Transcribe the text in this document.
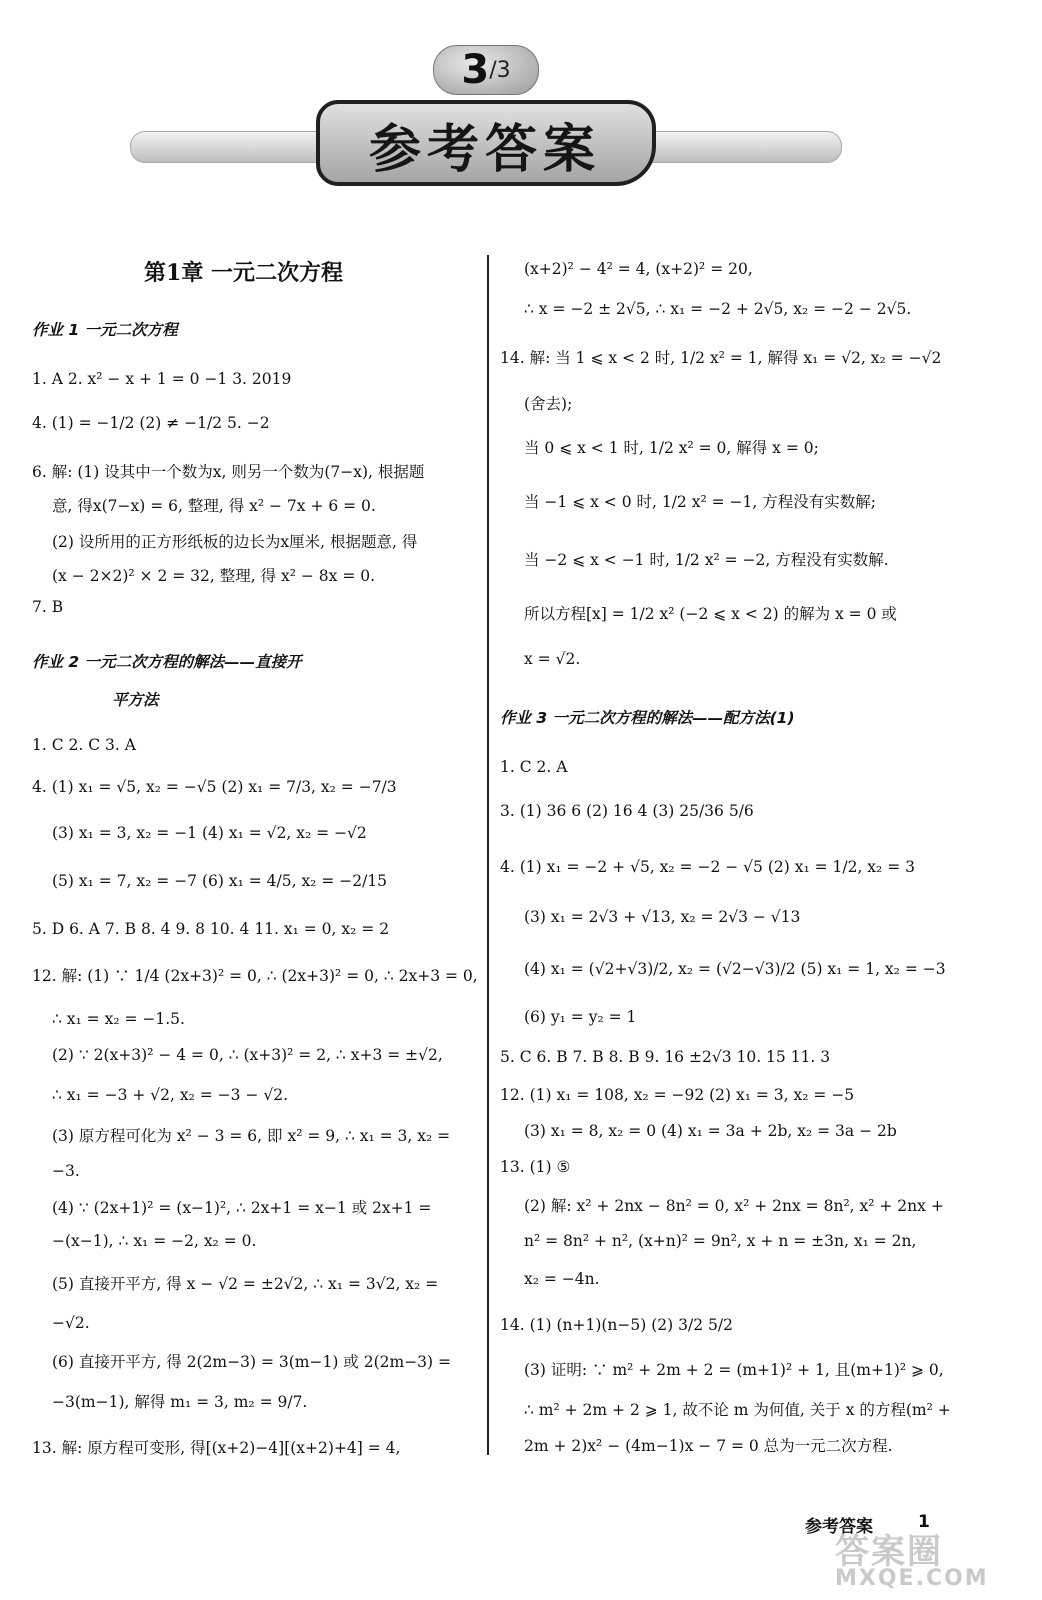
参考答案
3 /3
第1章 一元二次方程
作业 1 一元二次方程
1. A 2. x² − x + 1 = 0 −1 3. 2019
4. (1) = −1/2 (2) ≠ −1/2 5. −2
6. 解: (1) 设其中一个数为x, 则另一个数为(7−x), 根据题
意, 得x(7−x) = 6, 整理, 得 x² − 7x + 6 = 0.
(2) 设所用的正方形纸板的边长为x厘米, 根据题意, 得
(x − 2×2)² × 2 = 32, 整理, 得 x² − 8x = 0.
7. B
作业 2 一元二次方程的解法——直接开
平方法
1. C 2. C 3. A
4. (1) x₁ = √5, x₂ = −√5 (2) x₁ = 7/3, x₂ = −7/3
(3) x₁ = 3, x₂ = −1 (4) x₁ = √2, x₂ = −√2
(5) x₁ = 7, x₂ = −7 (6) x₁ = 4/5, x₂ = −2/15
5. D 6. A 7. B 8. 4 9. 8 10. 4 11. x₁ = 0, x₂ = 2
12. 解: (1) ∵ 1/4 (2x+3)² = 0, ∴ (2x+3)² = 0, ∴ 2x+3 = 0,
∴ x₁ = x₂ = −1.5.
(2) ∵ 2(x+3)² − 4 = 0, ∴ (x+3)² = 2, ∴ x+3 = ±√2,
∴ x₁ = −3 + √2, x₂ = −3 − √2.
(3) 原方程可化为 x² − 3 = 6, 即 x² = 9, ∴ x₁ = 3, x₂ =
−3.
(4) ∵ (2x+1)² = (x−1)², ∴ 2x+1 = x−1 或 2x+1 =
−(x−1), ∴ x₁ = −2, x₂ = 0.
(5) 直接开平方, 得 x − √2 = ±2√2, ∴ x₁ = 3√2, x₂ =
−√2.
(6) 直接开平方, 得 2(2m−3) = 3(m−1) 或 2(2m−3) =
−3(m−1), 解得 m₁ = 3, m₂ = 9/7.
13. 解: 原方程可变形, 得[(x+2)−4][(x+2)+4] = 4,
(x+2)² − 4² = 4, (x+2)² = 20,
∴ x = −2 ± 2√5, ∴ x₁ = −2 + 2√5, x₂ = −2 − 2√5.
14. 解: 当 1 ⩽ x < 2 时, 1/2 x² = 1, 解得 x₁ = √2, x₂ = −√2
(舍去);
当 0 ⩽ x < 1 时, 1/2 x² = 0, 解得 x = 0;
当 −1 ⩽ x < 0 时, 1/2 x² = −1, 方程没有实数解;
当 −2 ⩽ x < −1 时, 1/2 x² = −2, 方程没有实数解.
所以方程[x] = 1/2 x² (−2 ⩽ x < 2) 的解为 x = 0 或
x = √2.
作业 3 一元二次方程的解法——配方法(1)
1. C 2. A
3. (1) 36 6 (2) 16 4 (3) 25/36 5/6
4. (1) x₁ = −2 + √5, x₂ = −2 − √5 (2) x₁ = 1/2, x₂ = 3
(3) x₁ = 2√3 + √13, x₂ = 2√3 − √13
(4) x₁ = (√2+√3)/2, x₂ = (√2−√3)/2 (5) x₁ = 1, x₂ = −3
(6) y₁ = y₂ = 1
5. C 6. B 7. B 8. B 9. 16 ±2√3 10. 15 11. 3
12. (1) x₁ = 108, x₂ = −92 (2) x₁ = 3, x₂ = −5
(3) x₁ = 8, x₂ = 0 (4) x₁ = 3a + 2b, x₂ = 3a − 2b
13. (1) ⑤
(2) 解: x² + 2nx − 8n² = 0, x² + 2nx = 8n², x² + 2nx +
n² = 8n² + n², (x+n)² = 9n², x + n = ±3n, x₁ = 2n,
x₂ = −4n.
14. (1) (n+1)(n−5) (2) 3/2 5/2
(3) 证明: ∵ m² + 2m + 2 = (m+1)² + 1, 且(m+1)² ⩾ 0,
∴ m² + 2m + 2 ⩾ 1, 故不论 m 为何值, 关于 x 的方程(m² +
2m + 2)x² − (4m−1)x − 7 = 0 总为一元二次方程.
参考答案	1
答案圈
MXQE.COM
